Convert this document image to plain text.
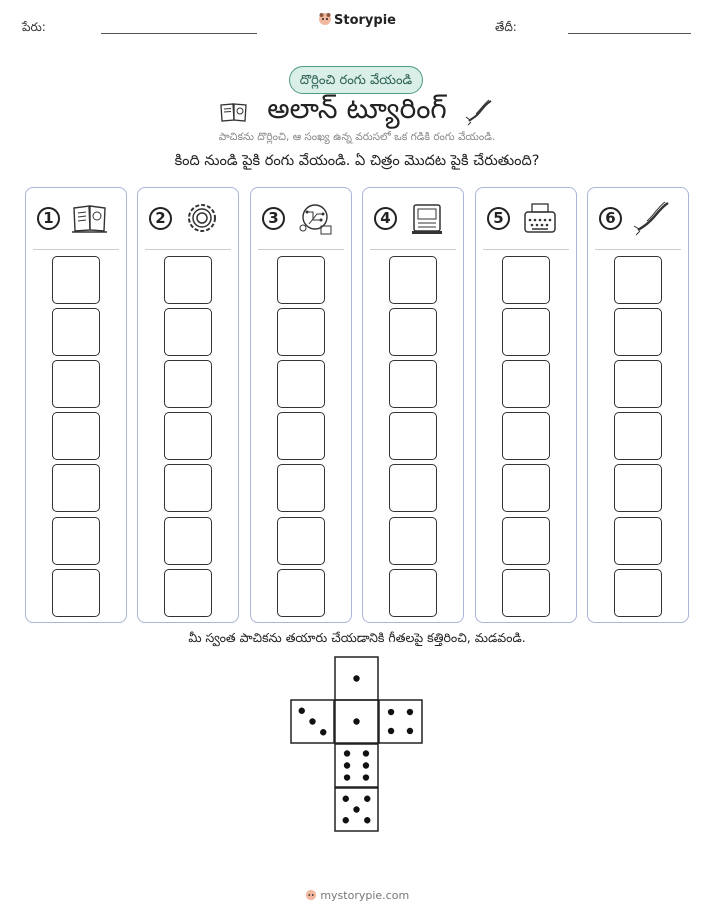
పేరు:	Storypie	తేదీ:
దొర్లించి రంగు వేయండి
అలాన్ ట్యూరింగ్
పాచికను దొర్లించి, ఆ సంఖ్య ఉన్న వరుసలో ఒక గడికి రంగు వేయండి.
కింది నుండి పైకి రంగు వేయండి. ఏ చిత్రం మొదట పైకి చేరుతుంది?
1	2	3	4	5	6
మీ స్వంత పాచికను తయారు చేయడానికి గీతలపై కత్తిరించి, మడవండి.
mystorypie.com
